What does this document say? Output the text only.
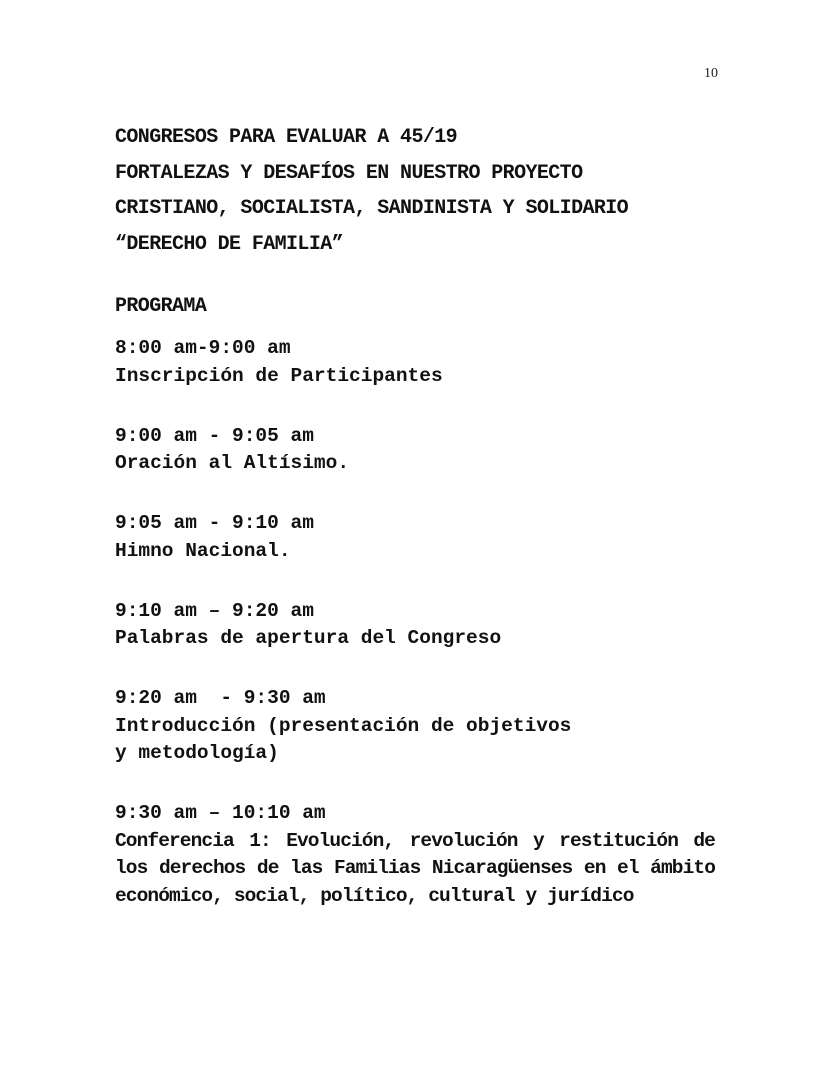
10
CONGRESOS PARA EVALUAR A 45/19
FORTALEZAS Y DESAFÍOS EN NUESTRO PROYECTO
CRISTIANO, SOCIALISTA, SANDINISTA Y SOLIDARIO
“DERECHO DE FAMILIA”
PROGRAMA
8:00 am-9:00 am
Inscripción de Participantes
9:00 am - 9:05 am
Oración al Altísimo.
9:05 am - 9:10 am
Himno Nacional.
9:10 am – 9:20 am
Palabras de apertura del Congreso
9:20 am  - 9:30 am
Introducción (presentación de objetivos
y metodología)
9:30 am – 10:10 am
Conferencia 1: Evolución, revolución y restitución de los derechos de las Familias Nicaragüenses en el ámbito económico, social, político, cultural y jurídico
